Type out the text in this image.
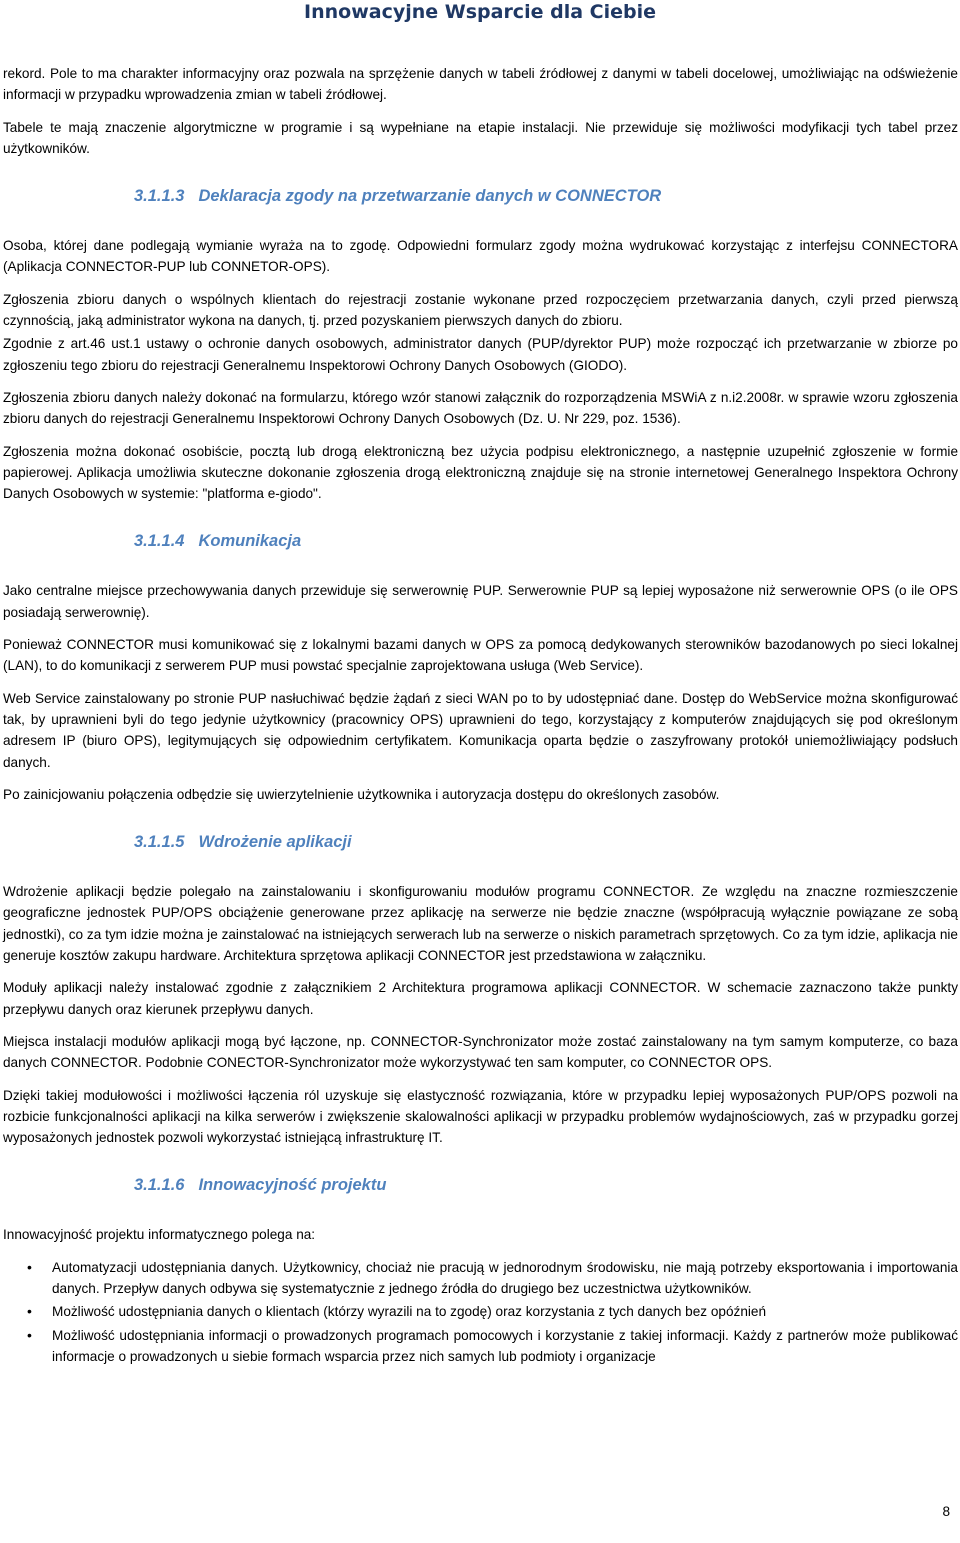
Innowacyjne Wsparcie dla Ciebie

rekord. Pole to ma charakter informacyjny oraz pozwala na sprzężenie danych w tabeli źródłowej z danymi w tabeli docelowej, umożliwiając na odświeżenie informacji w przypadku wprowadzenia zmian w tabeli źródłowej.

Tabele te mają znaczenie algorytmiczne w programie i są wypełniane na etapie instalacji. Nie przewiduje się możliwości modyfikacji tych tabel przez użytkowników.

3.1.1.3 Deklaracja zgody na przetwarzanie danych w CONNECTOR

Osoba, której dane podlegają wymianie wyraża na to zgodę. Odpowiedni formularz zgody można wydrukować korzystając z interfejsu CONNECTORA (Aplikacja CONNECTOR-PUP lub CONNETOR-OPS).

Zgłoszenia zbioru danych o wspólnych klientach do rejestracji zostanie wykonane przed rozpoczęciem przetwarzania danych, czyli przed pierwszą czynnością, jaką administrator wykona na danych, tj. przed pozyskaniem pierwszych danych do zbioru.

Zgodnie z art.46 ust.1 ustawy o ochronie danych osobowych, administrator danych (PUP/dyrektor PUP) może rozpocząć ich przetwarzanie w zbiorze po zgłoszeniu tego zbioru do rejestracji Generalnemu Inspektorowi Ochrony Danych Osobowych (GIODO).

Zgłoszenia zbioru danych należy dokonać na formularzu, którego wzór stanowi załącznik do rozporządzenia MSWiA z n.i2.2008r. w sprawie wzoru zgłoszenia zbioru danych do rejestracji Generalnemu Inspektorowi Ochrony Danych Osobowych (Dz. U. Nr 229, poz. 1536).

Zgłoszenia można dokonać osobiście, pocztą lub drogą elektroniczną bez użycia podpisu elektronicznego, a następnie uzupełnić zgłoszenie w formie papierowej. Aplikacja umożliwia skuteczne dokonanie zgłoszenia drogą elektroniczną znajduje się na stronie internetowej Generalnego Inspektora Ochrony Danych Osobowych w systemie: "platforma e-giodo".

3.1.1.4 Komunikacja

Jako centralne miejsce przechowywania danych przewiduje się serwerownię PUP. Serwerownie PUP są lepiej wyposażone niż serwerownie OPS (o ile OPS posiadają serwerownię).

Ponieważ CONNECTOR musi komunikować się z lokalnymi bazami danych w OPS za pomocą dedykowanych sterowników bazodanowych po sieci lokalnej (LAN), to do komunikacji z serwerem PUP musi powstać specjalnie zaprojektowana usługa (Web Service).

Web Service zainstalowany po stronie PUP nasłuchiwać będzie żądań z sieci WAN po to by udostępniać dane. Dostęp do WebService można skonfigurować tak, by uprawnieni byli do tego jedynie użytkownicy (pracownicy OPS) uprawnieni do tego, korzystający z komputerów znajdujących się pod określonym adresem IP (biuro OPS), legitymujących się odpowiednim certyfikatem. Komunikacja oparta będzie o zaszyfrowany protokół uniemożliwiający podsłuch danych.

Po zainicjowaniu połączenia odbędzie się uwierzytelnienie użytkownika i autoryzacja dostępu do określonych zasobów.

3.1.1.5 Wdrożenie aplikacji

Wdrożenie aplikacji będzie polegało na zainstalowaniu i skonfigurowaniu modułów programu CONNECTOR. Ze względu na znaczne rozmieszczenie geograficzne jednostek PUP/OPS obciążenie generowane przez aplikację na serwerze nie będzie znaczne (współpracują wyłącznie powiązane ze sobą jednostki), co za tym idzie można je zainstalować na istniejących serwerach lub na serwerze o niskich parametrach sprzętowych. Co za tym idzie, aplikacja nie generuje kosztów zakupu hardware. Architektura sprzętowa aplikacji CONNECTOR jest przedstawiona w załączniku.

Moduły aplikacji należy instalować zgodnie z załącznikiem 2 Architektura programowa aplikacji CONNECTOR. W schemacie zaznaczono także punkty przepływu danych oraz kierunek przepływu danych.

Miejsca instalacji modułów aplikacji mogą być łączone, np. CONNECTOR-Synchronizator może zostać zainstalowany na tym samym komputerze, co baza danych CONNECTOR. Podobnie CONECTOR-Synchronizator może wykorzystywać ten sam komputer, co CONNECTOR OPS.

Dzięki takiej modułowości i możliwości łączenia ról uzyskuje się elastyczność rozwiązania, które w przypadku lepiej wyposażonych PUP/OPS pozwoli na rozbicie funkcjonalności aplikacji na kilka serwerów i zwiększenie skalowalności aplikacji w przypadku problemów wydajnościowych, zaś w przypadku gorzej wyposażonych jednostek pozwoli wykorzystać istniejącą infrastrukturę IT.

3.1.1.6 Innowacyjność projektu

Innowacyjność projektu informatycznego polega na:

• Automatyzacji udostępniania danych. Użytkownicy, chociaż nie pracują w jednorodnym środowisku, nie mają potrzeby eksportowania i importowania danych. Przepływ danych odbywa się systematycznie z jednego źródła do drugiego bez uczestnictwa użytkowników.
• Możliwość udostępniania danych o klientach (którzy wyrazili na to zgodę) oraz korzystania z tych danych bez opóźnień
• Możliwość udostępniania informacji o prowadzonych programach pomocowych i korzystanie z takiej informacji. Każdy z partnerów może publikować informacje o prowadzonych u siebie formach wsparcia przez nich samych lub podmioty i organizacje
8
